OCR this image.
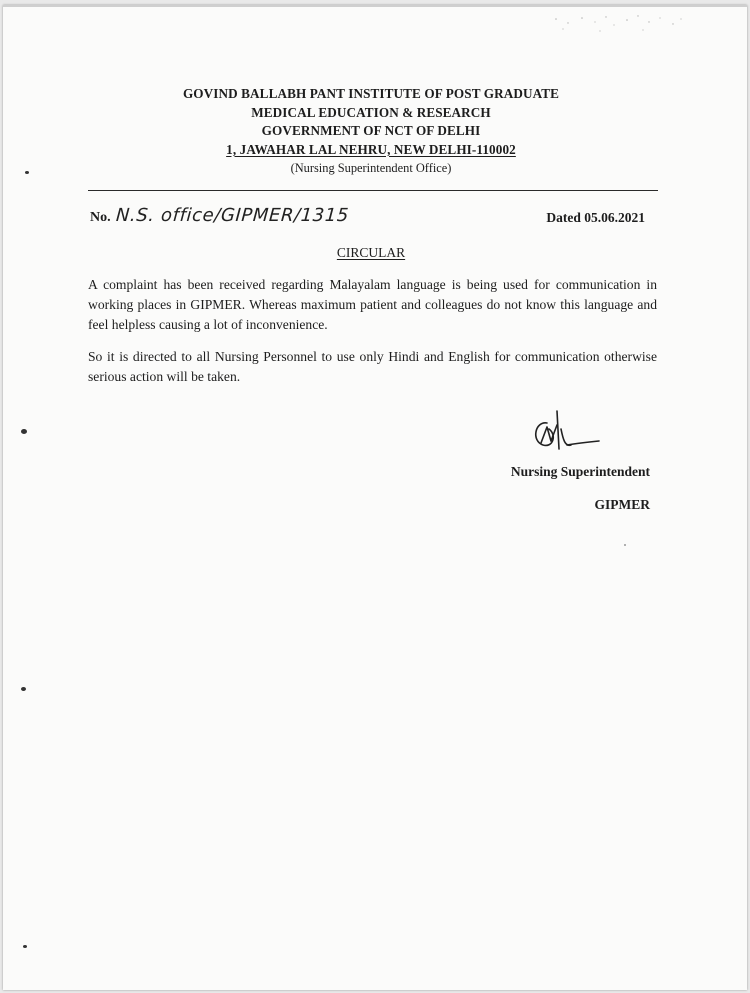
GOVIND BALLABH PANT INSTITUTE OF POST GRADUATE
MEDICAL EDUCATION & RESEARCH
GOVERNMENT OF NCT OF DELHI
1, JAWAHAR LAL NEHRU, NEW DELHI-110002
(Nursing Superintendent Office)
No. N.S. office/GIPMER/1315	Dated 05.06.2021
CIRCULAR
A complaint has been received regarding Malayalam language is being used for communication in working places in GIPMER. Whereas maximum patient and colleagues do not know this language and feel helpless causing a lot of inconvenience.
So it is directed to all Nursing Personnel to use only Hindi and English for communication otherwise serious action will be taken.
Nursing Superintendent
GIPMER
